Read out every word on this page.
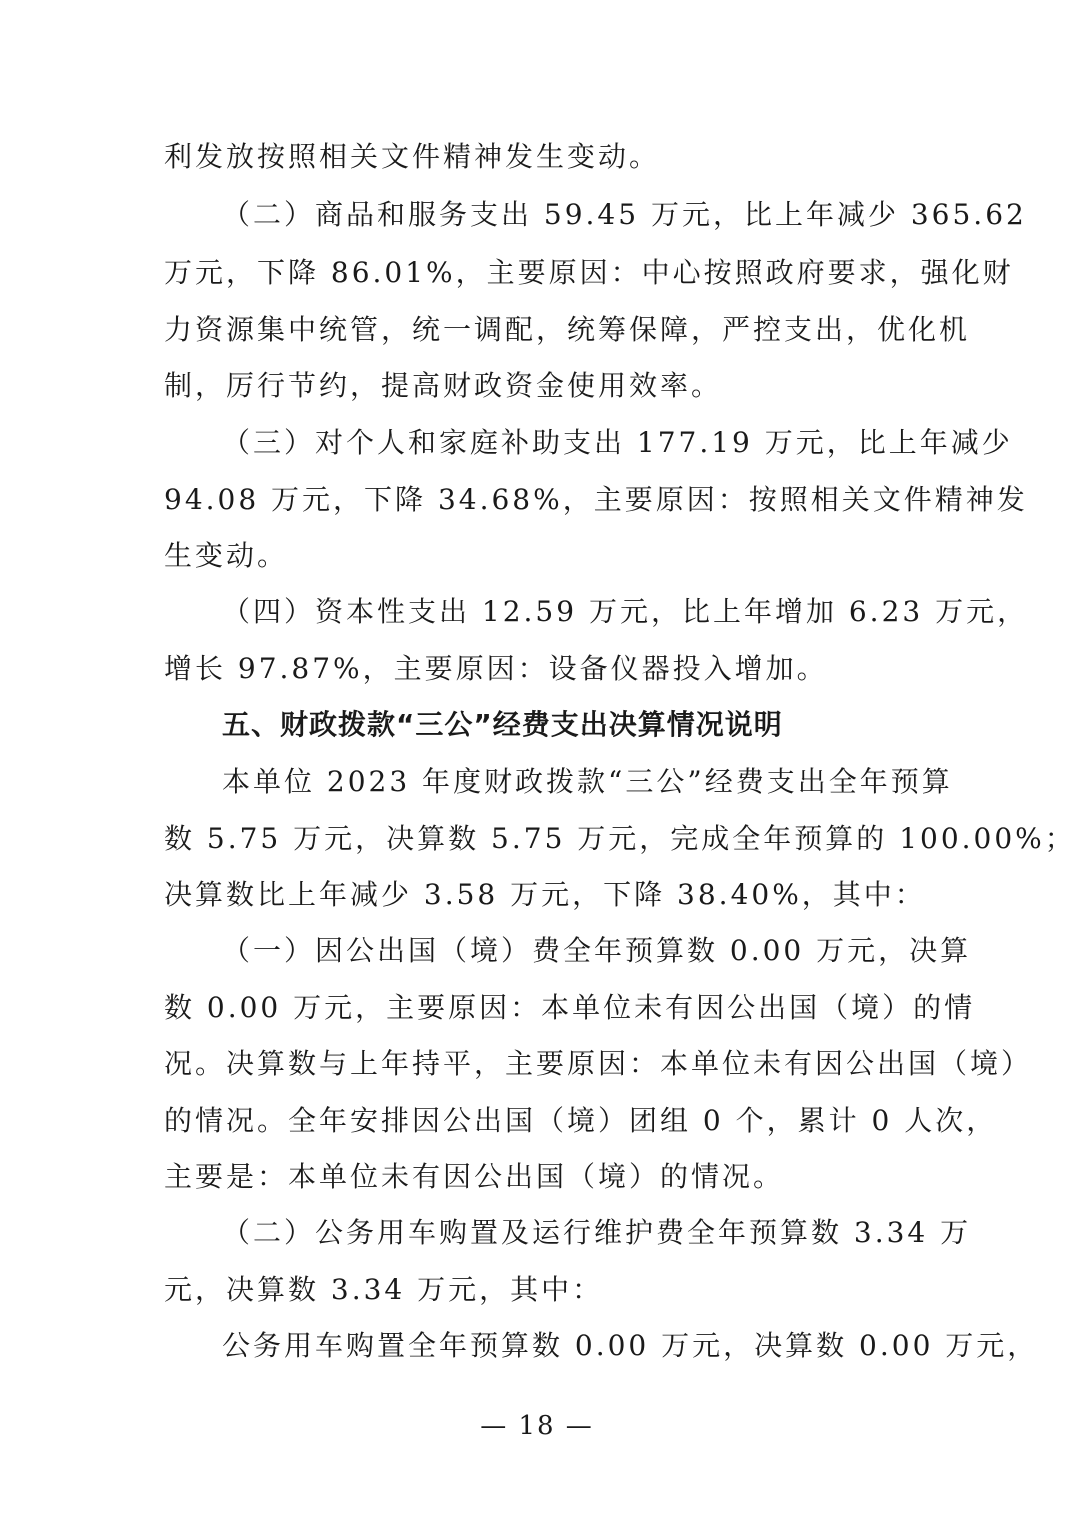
利发放按照相关文件精神发生变动。
（二）商品和服务支出 59.45 万元，比上年减少 365.62
万元，下降 86.01%，主要原因：中心按照政府要求，强化财
力资源集中统管，统一调配，统筹保障，严控支出，优化机
制，厉行节约，提高财政资金使用效率。
（三）对个人和家庭补助支出 177.19 万元，比上年减少
94.08 万元，下降 34.68%，主要原因：按照相关文件精神发
生变动。
（四）资本性支出 12.59 万元，比上年增加 6.23 万元，
增长 97.87%，主要原因：设备仪器投入增加。
五、财政拨款“三公”经费支出决算情况说明
本单位 2023 年度财政拨款“三公”经费支出全年预算
数 5.75 万元，决算数 5.75 万元，完成全年预算的 100.00%；
决算数比上年减少 3.58 万元，下降 38.40%，其中：
（一）因公出国（境）费全年预算数 0.00 万元，决算
数 0.00 万元，主要原因：本单位未有因公出国（境）的情
况。决算数与上年持平，主要原因：本单位未有因公出国（境）
的情况。全年安排因公出国（境）团组 0 个，累计 0 人次，
主要是：本单位未有因公出国（境）的情况。
（二）公务用车购置及运行维护费全年预算数 3.34 万
元，决算数 3.34 万元，其中：
公务用车购置全年预算数 0.00 万元，决算数 0.00 万元，
— 18 —
